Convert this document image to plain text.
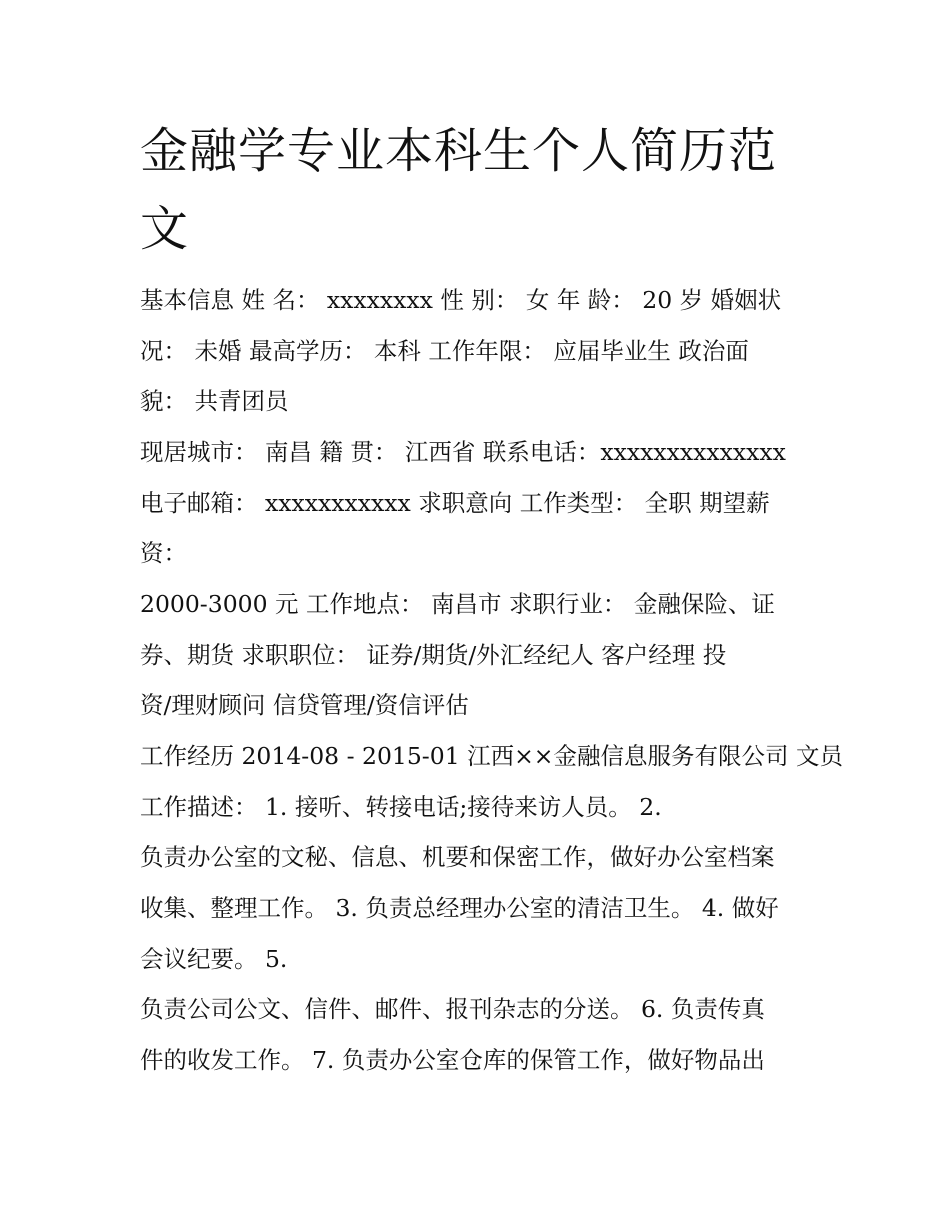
金融学专业本科生个人简历范文
基本信息 姓 名： xxxxxxxx 性 别： 女 年 龄： 20 岁 婚姻状
况： 未婚 最高学历： 本科 工作年限： 应届毕业生 政治面
貌： 共青团员
现居城市： 南昌 籍 贯： 江西省 联系电话：xxxxxxxxxxxxxx
电子邮箱： xxxxxxxxxxx 求职意向 工作类型： 全职 期望薪
资：
2000-3000 元 工作地点： 南昌市 求职行业： 金融保险、证
券、期货 求职职位： 证券/期货/外汇经纪人 客户经理 投
资/理财顾问 信贷管理/资信评估
工作经历 2014-08 - 2015-01 江西××金融信息服务有限公司 文员
工作描述： 1. 接听、转接电话;接待来访人员。 2.
负责办公室的文秘、信息、机要和保密工作，做好办公室档案
收集、整理工作。 3. 负责总经理办公室的清洁卫生。 4. 做好
会议纪要。 5.
负责公司公文、信件、邮件、报刊杂志的分送。 6. 负责传真
件的收发工作。 7. 负责办公室仓库的保管工作，做好物品出
